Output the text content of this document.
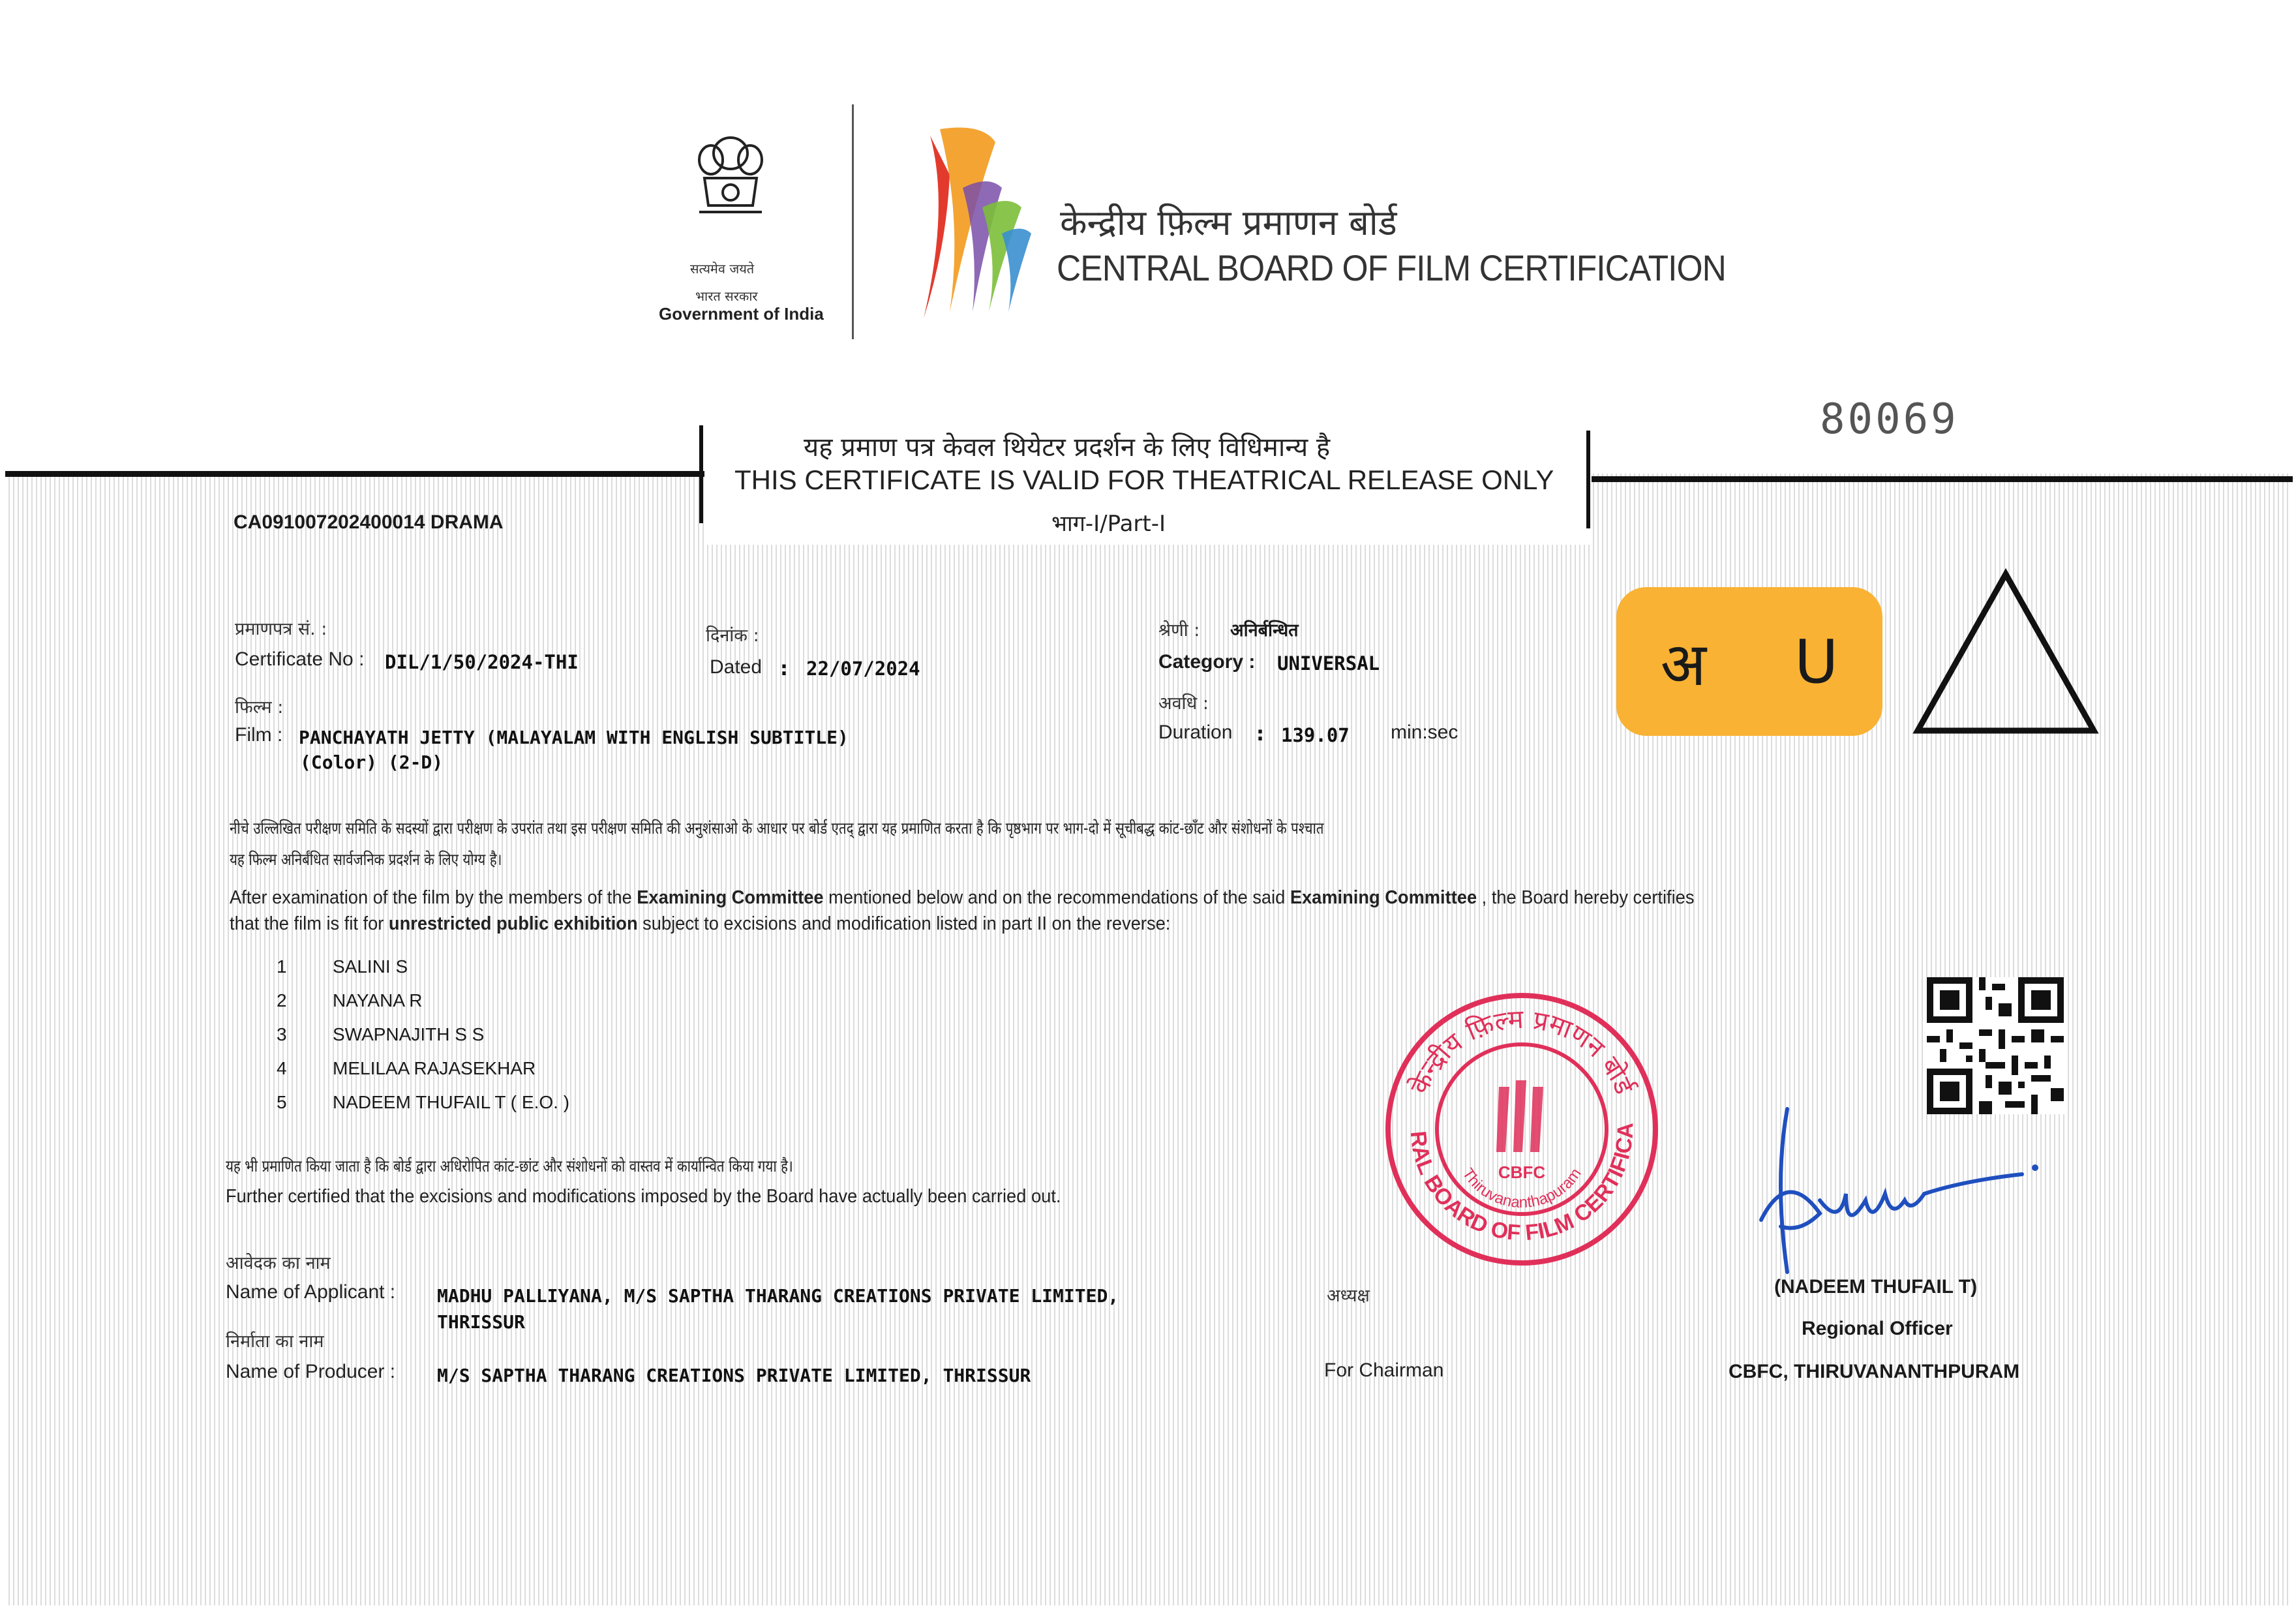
सत्यमेव जयते
भारत सरकार
Government of India
केन्द्रीय फ़िल्म प्रमाणन बोर्ड
CENTRAL BOARD OF FILM CERTIFICATION
80069
यह प्रमाण पत्र केवल थियेटर प्रदर्शन के लिए विधिमान्य है
THIS CERTIFICATE IS VALID FOR THEATRICAL RELEASE ONLY
भाग-I/Part-I
CA091007202400014 DRAMA
प्रमाणपत्र सं. :
Certificate No : DIL/1/50/2024-THI
दिनांक :
Dated : 22/07/2024
श्रेणी : अनिर्बन्धित
Category : UNIVERSAL
फिल्म :
Film : PANCHAYATH JETTY (MALAYALAM WITH ENGLISH SUBTITLE)
(Color) (2-D)
अवधि :
Duration : 139.07 min:sec
अ U
नीचे उल्लिखित परीक्षण समिति के सदस्यों द्वारा परीक्षण के उपरांत तथा इस परीक्षण समिति की अनुशंसाओ के आधार पर बोर्ड एतद् द्वारा यह प्रमाणित करता है कि पृष्ठभाग पर भाग-दो में सूचीबद्ध कांट-छाँट और संशोधनों के पश्चात
यह फिल्म अनिर्बंधित सार्वजनिक प्रदर्शन के लिए योग्य है।
After examination of the film by the members of the Examining Committee mentioned below and on the recommendations of the said Examining Committee , the Board hereby certifies
that the film is fit for unrestricted public exhibition subject to excisions and modification listed in part II on the reverse:
1	SALINI S
2	NAYANA R
3	SWAPNAJITH S S
4	MELILAA RAJASEKHAR
5	NADEEM THUFAIL T ( E.O. )
यह भी प्रमाणित किया जाता है कि बोर्ड द्वारा अधिरोपित कांट-छांट और संशोधनों को वास्तव में कार्यान्वित किया गया है।
Further certified that the excisions and modifications imposed by the Board have actually been carried out.
आवेदक का नाम
Name of Applicant : MADHU PALLIYANA, M/S SAPTHA THARANG CREATIONS PRIVATE LIMITED,
THRISSUR
निर्माता का नाम
Name of Producer : M/S SAPTHA THARANG CREATIONS PRIVATE LIMITED, THRISSUR
अध्यक्ष
For Chairman
केन्द्रीय फ़िल्म प्रमाणन बोर्ड
RAL BOARD OF FILM CERTIFICA
CBFC
Thiruvananthapuram
(NADEEM THUFAIL T)
Regional Officer
CBFC, THIRUVANANTHPURAM
